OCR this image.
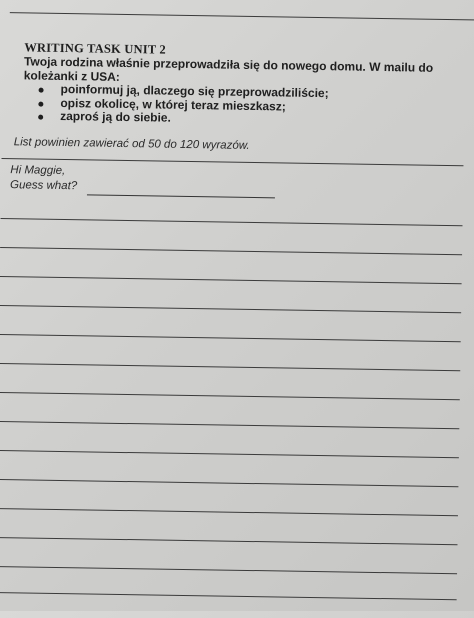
WRITING TASK UNIT 2

Twoja rodzina właśnie przeprowadziła się do nowego domu. W mailu do koleżanki z USA:

poinformuj ją, dlaczego się przeprowadziliście;
opisz okolicę, w której teraz mieszkasz;
zaproś ją do siebie.

List powinien zawierać od 50 do 120 wyrazów.

Hi Maggie,
Guess what?
